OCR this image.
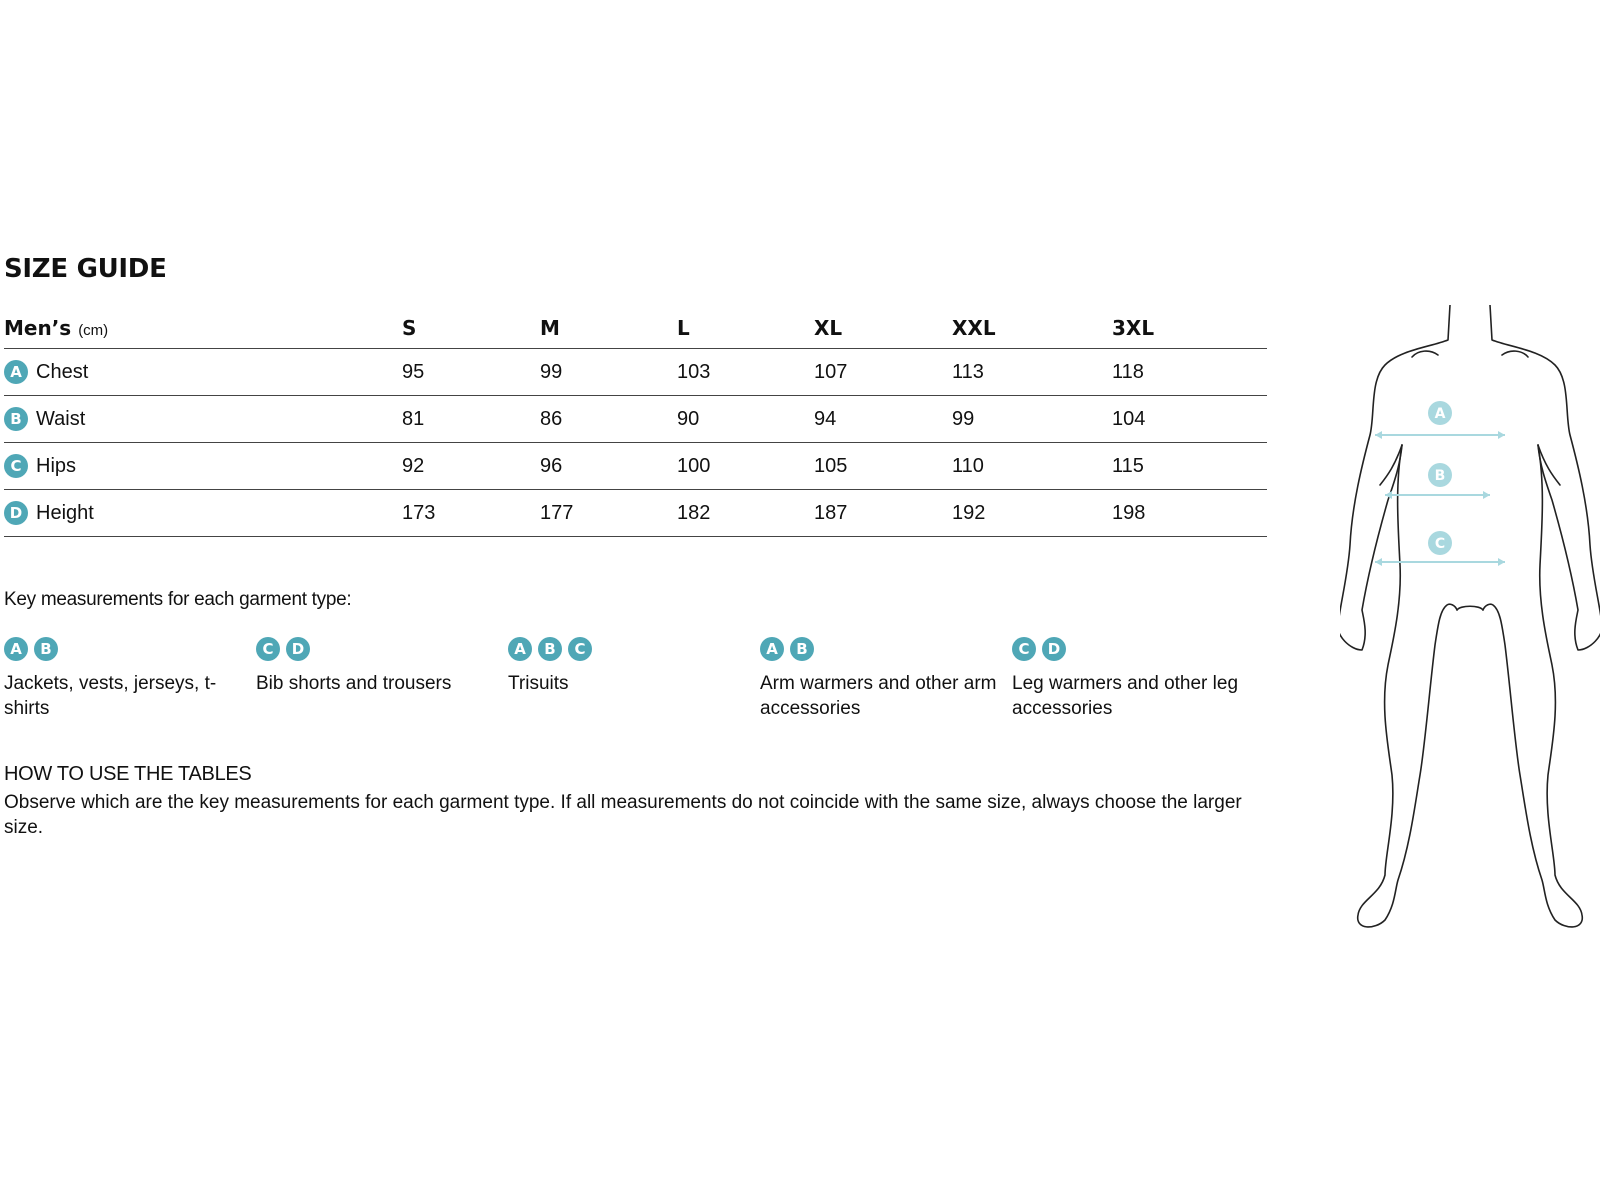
SIZE GUIDE
Men’s (cm)	S	M	L	XL	XXL	3XL

A Chest	95	99	103	107	113	118

B Waist	81	86	90	94	99	104

C Hips	92	96	100	105	110	115

D Height	173	177	182	187	192	198
Key measurements for each garment type:
A	B
Jackets, vests, jerseys, t-shirts
C	D
Bib shorts and trousers
A	B	C
Trisuits
A	B
Arm warmers and other arm accessories
C	D
Leg warmers and other leg accessories
HOW TO USE THE TABLES
Observe which are the key measurements for each garment type. If all measurements do not coincide with the same size, always choose the larger size.
A
B
C
